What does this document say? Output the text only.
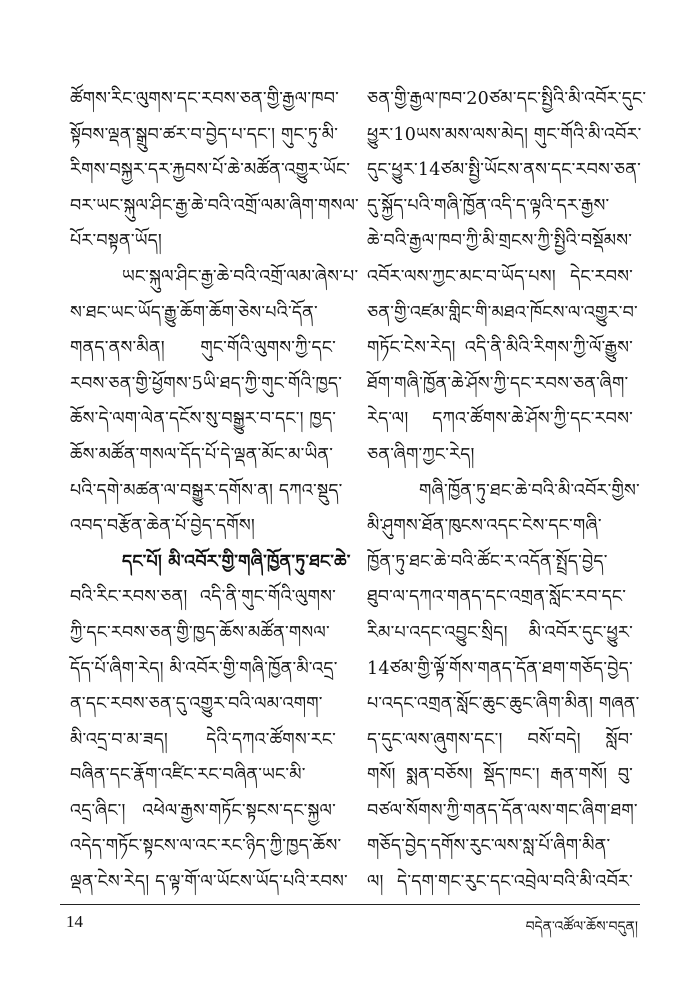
ཚོགས་རིང་ལུགས་དང་རབས་ཅན་གྱི་རྒྱལ་ཁབ་
སྟོབས་ལྡན་སྒྲུབ་ཚར་བ་བྱེད་པ་དང་། གུང་ཏུ་མི་
རིགས་བསྐྱར་དར་རྐྱབས་པོ་ཆེ་མཚོན་འགྱུར་ཡོང་
བར་ཡང་སྐུལ་ཤིང་རྒྱ་ཆེ་བའི་འགྲོ་ལམ་ཞིག་གསལ་
པོར་བསྟན་ཡོད།
ཡང་སྐུལ་ཤིང་རྒྱ་ཆེ་བའི་འགྲོ་ལམ་ཞེས་པ་
ས་ཐང་ཡང་ཡོད་རྒྱུ་ཆོག་ཆོག་ཅེས་པའི་དོན་
གནད་ནས་མིན། གུང་གོའི་ལུགས་ཀྱི་དང་
རབས་ཅན་གྱི་ཕྱོགས་5ཡི་ཐད་ཀྱི་གུང་གོའི་ཁྱད་
ཆོས་དེ་ལག་ལེན་དངོས་སུ་བསྒྱུར་བ་དང་། ཁྱད་
ཆོས་མཚོན་གསལ་དོད་པོ་དེ་ལྡན་མོང་མ་ཡིན་
པའི་དགེ་མཚན་ལ་བསྒྱུར་དགོས་ན། དཀའ་སྡུད་
འབད་བརྩོན་ཆེན་པོ་བྱེད་དགོས།
དང་པོ། མི་འབོར་གྱི་གཞི་ཁྱོན་ཏུ་ཐང་ཆེ་
བའི་རིང་རབས་ཅན། འདི་ནི་གུང་གོའི་ལུགས་
ཀྱི་དང་རབས་ཅན་གྱི་ཁྱད་ཆོས་མཚོན་གསལ་
དོད་པོ་ཞིག་རེད། མི་འབོར་གྱི་གཞི་ཁྱོན་མི་འདྲ་
ན་དང་རབས་ཅན་དུ་འགྱུར་བའི་ལམ་འགག་
མི་འདྲ་བ་མ་ཟད། དེའི་དཀའ་ཚོགས་རང་
བཞིན་དང་རྣོག་འཛིང་རང་བཞིན་ཡང་མི་
འདྲ་ཞིང་། འཕེལ་རྒྱས་གཏོང་སྟངས་དང་སྐྱལ་
འདེད་གཏོང་སྟངས་ལ་འང་རང་ཉིད་ཀྱི་ཁྱད་ཆོས་
ལྡན་ངེས་རེད། ད་ལྟ་གོ་ལ་ཡོངས་ཡོད་པའི་རབས་
ཅན་གྱི་རྒྱལ་ཁབ་20ཙམ་དང་སྤྱིའི་མི་འབོར་དུང་
ཕྱུར་10ཡས་མས་ལས་མེད། གུང་གོའི་མི་འབོར་
དུང་ཕྱུར་14ཙམ་སྤྱི་ཡོངས་ནས་དང་རབས་ཅན་
དུ་སྐྱོད་པའི་གཞི་ཁྱོན་འདི་ད་ལྟའི་དར་རྒྱས་
ཆེ་བའི་རྒྱལ་ཁབ་ཀྱི་མི་གྲངས་ཀྱི་སྤྱིའི་བསྡོམས་
འབོར་ལས་ཀྱང་མང་བ་ཡོད་པས། དེང་རབས་
ཅན་གྱི་འཛམ་གླིང་གི་མཐའ་ཁོངས་ལ་འགྱུར་བ་
གཏོང་ངེས་རེད། འདི་ནི་མིའི་རིགས་ཀྱི་ལོ་རྒྱུས་
ཐོག་གཞི་ཁྱོན་ཆེ་ཤོས་ཀྱི་དང་རབས་ཅན་ཞིག་
རེད་ལ། དཀའ་ཚོགས་ཆེ་ཤོས་ཀྱི་དང་རབས་
ཅན་ཞིག་ཀྱང་རེད།
གཞི་ཁྱོན་ཏུ་ཐང་ཆེ་བའི་མི་འབོར་གྱིས་
མི་ཤུགས་ཐོན་ཁུངས་འདང་ངེས་དང་གཞི་
ཁྱོན་ཏུ་ཐང་ཆེ་བའི་ཚོང་ར་འདོན་སྤྲོད་བྱེད་
ཐུབ་ལ་དཀའ་གནད་དང་འགྲན་སློང་རབ་དང་
རིམ་པ་འདང་འབྱུང་སྲིད། མི་འབོར་དུང་ཕྱུར་
14ཙམ་གྱི་ལྟོ་གོས་གནད་དོན་ཐག་གཅོད་བྱེད་
པ་འདང་འགྲན་སློང་ཆུང་ཆུང་ཞིག་མིན། གཞན་
ད་དུང་ལས་ཞུགས་དང་། བསོ་བདེ། སློབ་
གསོ། སྨན་བཅོས། སྡོད་ཁང་། རྒན་གསོ། བུ་
བཙལ་སོགས་ཀྱི་གནད་དོན་ལས་གང་ཞིག་ཐག་
གཅོད་བྱེད་དགོས་རུང་ལས་སླ་པོ་ཞིག་མིན་
ལ། དེ་དག་གང་རུང་དང་འབྲེལ་བའི་མི་འབོར་
14	བདེན་འཚོལ་ཆོས་བདུན།
